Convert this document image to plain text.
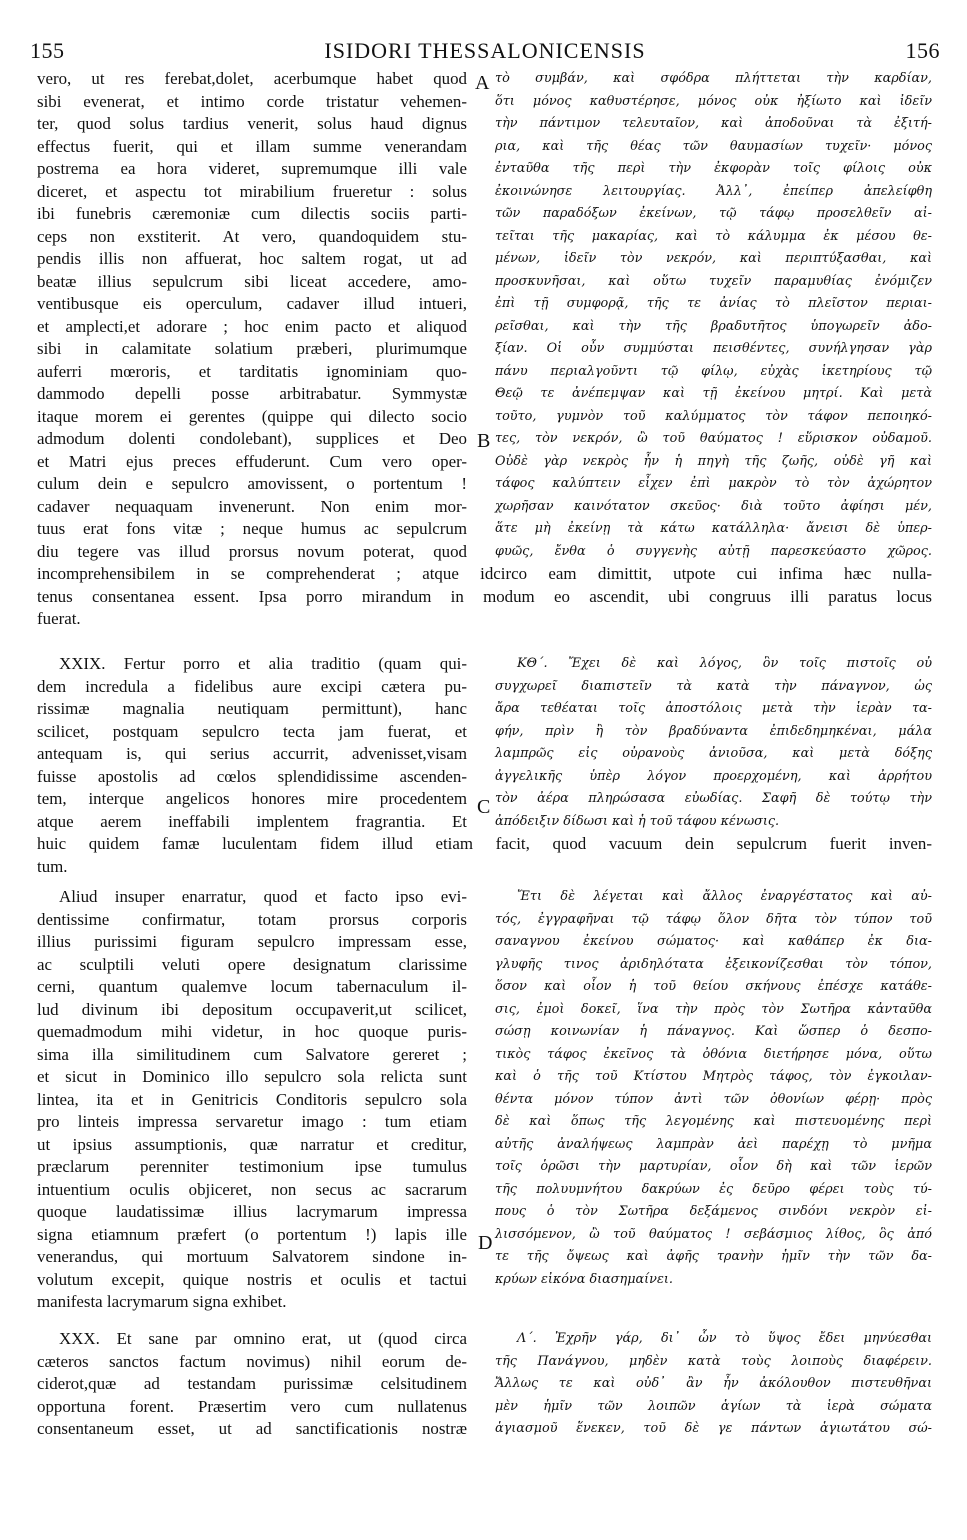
155	ISIDORI THESSALONICENSIS	156
A
B
C
D
vero, ut res ferebat,dolet, acerbumque habet quod
sibi evenerat, et intimo corde tristatur vehemen-
ter, quod solus tardius venerit, solus haud dignus
effectus fuerit, qui et illam summe venerandam
postrema ea hora videret, supremumque illi vale
diceret, et aspectu tot mirabilium frueretur : solus
ibi funebris cæremoniæ cum dilectis sociis parti-
ceps non exstiterit. At vero, quandoquidem stu-
pendis illis non affuerat, hoc saltem rogat, ut ad
beatæ illius sepulcrum sibi liceat accedere, amo-
ventibusque eis operculum, cadaver illud intueri,
et amplecti,et adorare ; hoc enim pacto et aliquod
sibi in calamitate solatium præberi, plurimumque
auferri mœroris, et tarditatis ignominiam quo-
dammodo depelli posse arbitrabatur. Symmystæ
itaque morem ei gerentes (quippe qui dilecto socio
admodum dolenti condolebant), supplices et Deo
et Matri ejus preces effuderunt. Cum vero oper-
culum dein e sepulcro amovissent, o portentum !
cadaver nequaquam invenerunt. Non enim mor-
tuus erat fons vitæ ; neque humus ac sepulcrum
diu tegere vas illud prorsus novum poterat, quod
τὸ συμβάν, καὶ σφόδρα πλήττεται τὴν καρδίαν,
ὅτι μόνος καθυστέρησε, μόνος οὐκ ἠξίωτο καὶ ἰδεῖν
τὴν πάντιμον τελευταῖον, καὶ ἀποδοῦναι τὰ ἐξιτή-
ρια, καὶ τῆς θέας τῶν θαυμασίων τυχεῖν· μόνος
ἐνταῦθα τῆς περὶ τὴν ἐκφορὰν τοῖς φίλοις οὐκ
ἐκοινώνησε λειτουργίας. Ἀλλ᾽, ἐπείπερ ἀπελείφθη
τῶν παραδόξων ἐκείνων, τῷ τάφῳ προσελθεῖν αἰ-
τεῖται τῆς μακαρίας, καὶ τὸ κάλυμμα ἐκ μέσου θε-
μένων, ἰδεῖν τὸν νεκρόν, καὶ περιπτύξασθαι, καὶ
προσκυνῆσαι, καὶ οὕτω τυχεῖν παραμυθίας ἐνόμιζεν
ἐπὶ τῇ συμφορᾷ, τῆς τε ἀνίας τὸ πλεῖστον περιαι-
ρεῖσθαι, καὶ τὴν τῆς βραδυτῆτος ὑπογωρεῖν ἀδο-
ξίαν. Οἱ οὖν συμμύσται πεισθέντες, συνήλγησαν γὰρ
πάνυ περιαλγοῦντι τῷ φίλῳ, εὐχὰς ἱκετηρίους τῷ
Θεῷ τε ἀνέπεμψαν καὶ τῇ ἐκείνου μητρί. Καὶ μετὰ
τοῦτο, γυμνὸν τοῦ καλύμματος τὸν τάφον πεποιηκό-
τες, τὸν νεκρόν, ὢ τοῦ θαύματος ! εὕρισκον οὐδαμοῦ.
Οὐδὲ γὰρ νεκρὸς ἦν ἡ πηγὴ τῆς ζωῆς, οὐδὲ γῆ καὶ
τάφος καλύπτειν εἶχεν ἐπὶ μακρὸν τὸ τὸν ἀχώρητον
χωρῆσαν καινότατον σκεῦος· διὰ τοῦτο ἀφίησι μέν,
ἅτε μὴ ἐκείνῃ τὰ κάτω κατάλληλα· ἄνεισι δὲ ὑπερ-
φυῶς, ἔνθα ὁ συγγενὴς αὐτῇ παρεσκεύαστο χῶρος.
incomprehensibilem in se comprehenderat ; atque idcirco eam dimittit, utpote cui infima hæc nulla-
tenus consentanea essent. Ipsa porro mirandum in modum eo ascendit, ubi congruus illi paratus locus
fuerat.
XXIX. Fertur porro et alia traditio (quam qui-
dem incredula a fidelibus aure excipi cætera pu-
rissimæ magnalia neutiquam permittunt), hanc
scilicet, postquam sepulcro tecta jam fuerat, et
antequam is, qui serius accurrit, advenisset,visam
fuisse apostolis ad cœlos splendidissime ascenden-
tem, interque angelicos honores mire procedentem
atque aerem ineffabili implentem fragrantia. Et
ΚΘ΄. Ἔχει δὲ καὶ λόγος, ὃν τοῖς πιστοῖς οὐ
συγχωρεῖ διαπιστεῖν τὰ κατὰ τὴν πάναγνον, ὡς
ἄρα τεθέαται τοῖς ἀποστόλοις μετὰ τὴν ἱερὰν τα-
φήν, πρὶν ἢ τὸν βραδύναντα ἐπιδεδημηκέναι, μάλα
λαμπρῶς εἰς οὐρανοὺς ἀνιοῦσα, καὶ μετὰ δόξης
ἀγγελικῆς ὑπὲρ λόγον προερχομένη, καὶ ἀρρήτου
τὸν ἀέρα πληρώσασα εὐωδίας. Σαφῆ δὲ τούτῳ τὴν
ἀπόδειξιν δίδωσι καὶ ἡ τοῦ τάφου κένωσις.
huic quidem famæ luculentam fidem illud etiam facit, quod vacuum dein sepulcrum fuerit inven-
tum.
Aliud insuper enarratur, quod et facto ipso evi-
dentissime confirmatur, totam prorsus corporis
illius purissimi figuram sepulcro impressam esse,
ac sculptili veluti opere designatum clarissime
cerni, quantum qualemve locum tabernaculum il-
lud divinum ibi depositum occupaverit,ut scilicet,
quemadmodum mihi videtur, in hoc quoque puris-
sima illa similitudinem cum Salvatore gereret ;
et sicut in Dominico illo sepulcro sola relicta sunt
lintea, ita et in Genitricis Conditoris sepulcro sola
pro linteis impressa servaretur imago : tum etiam
ut ipsius assumptionis, quæ narratur et creditur,
præclarum perenniter testimonium ipse tumulus
intuentium oculis objiceret, non secus ac sacrarum
quoque laudatissimæ illius lacrymarum impressa
signa etiamnum præfert (o portentum !) lapis ille
venerandus, qui mortuum Salvatorem sindone in-
volutum excepit, quique nostris et oculis et tactui
manifesta lacrymarum signa exhibet.
Ἔτι δὲ λέγεται καὶ ἄλλος ἐναργέστατος καὶ αὐ-
τός, ἐγγραφῆναι τῷ τάφῳ ὅλον δῆτα τὸν τύπον τοῦ
σαναγνου ἐκείνου σώματος· καὶ καθάπερ ἐκ δια-
γλυφῆς τινος ἀριδηλότατα ἐξεικονίζεσθαι τὸν τόπον,
ὅσον καὶ οἷον ἡ τοῦ θείου σκήνους ἐπέσχε κατάθε-
σις, ἐμοὶ δοκεῖ, ἵνα τὴν πρὸς τὸν Σωτῆρα κἀνταῦθα
σώσῃ κοινωνίαν ἡ πάναγνος. Καὶ ὥσπερ ὁ δεσπο-
τικὸς τάφος ἐκεῖνος τὰ ὀθόνια διετήρησε μόνα, οὕτω
καὶ ὁ τῆς τοῦ Κτίστου Μητρὸς τάφος, τὸν ἐγκοιλαν-
θέντα μόνον τύπον ἀντὶ τῶν ὀθονίων φέρῃ· πρὸς
δὲ καὶ ὅπως τῆς λεγομένης καὶ πιστευομένης περὶ
αὐτῆς ἀναλήψεως λαμπρὰν ἀεὶ παρέχῃ τὸ μνῆμα
τοῖς ὁρῶσι τὴν μαρτυρίαν, οἷον δὴ καὶ τῶν ἱερῶν
τῆς πολυυμνήτου δακρύων ἐς δεῦρο φέρει τοὺς τύ-
πους ὁ τὸν Σωτῆρα δεξάμενος σινδόνι νεκρὸν εἰ-
λισσόμενον, ὢ τοῦ θαύματος ! σεβάσμιος λίθος, ὃς ἀπό
τε τῆς ὄψεως καὶ ἀφῆς τρανὴν ἡμῖν τὴν τῶν δα-
κρύων εἰκόνα διασημαίνει.
XXX. Et sane par omnino erat, ut (quod circa
cæteros sanctos factum novimus) nihil eorum de-
ciderot,quæ ad testandam purissimæ celsitudinem
opportuna forent. Præsertim vero cum nullatenus
consentaneum esset, ut ad sanctificationis nostræ
Λ΄. Ἐχρῆν γάρ, δι᾽ ὧν τὸ ὕψος ἔδει μηνύεσθαι
τῆς Πανάγνου, μηδὲν κατὰ τοὺς λοιποὺς διαφέρειν.
Ἄλλως τε καὶ οὐδ᾽ ἂν ἦν ἀκόλουθον πιστευθῆναι
μὲν ἡμῖν τῶν λοιπῶν ἁγίων τὰ ἱερὰ σώματα
ἁγιασμοῦ ἕνεκεν, τοῦ δὲ γε πάντων ἁγιωτάτου σώ-
